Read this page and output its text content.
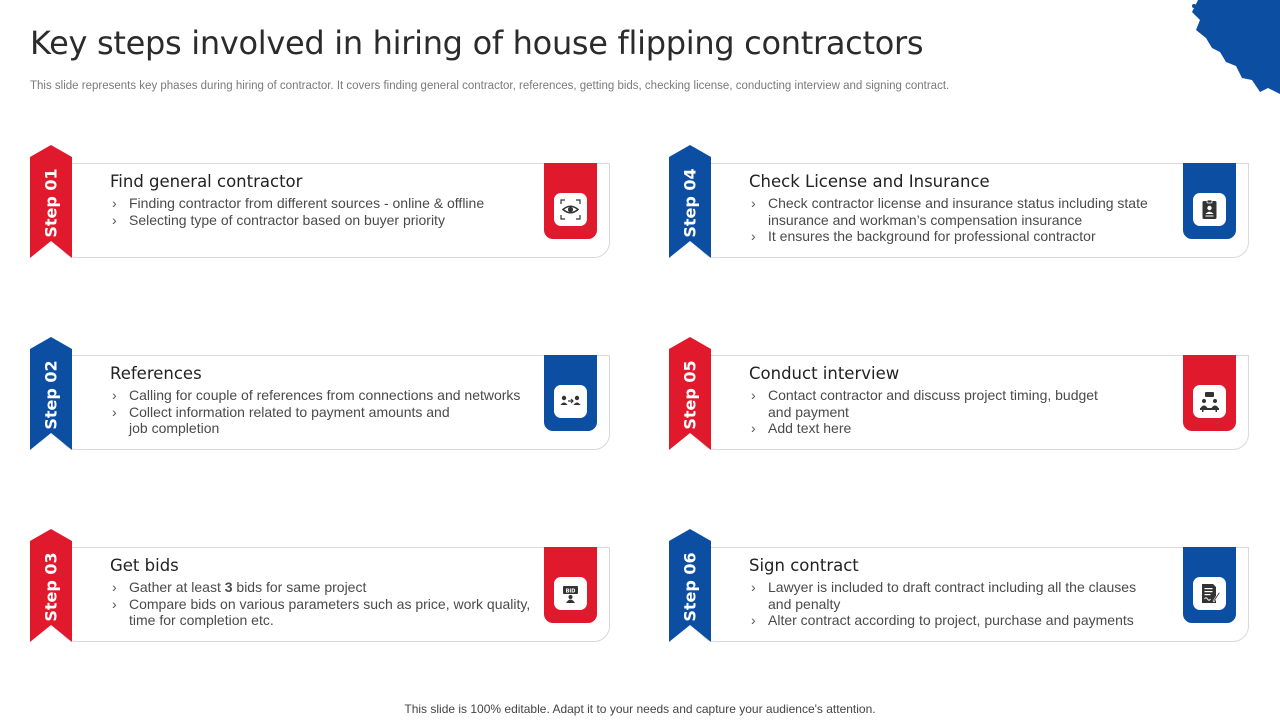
Key steps involved in hiring of house flipping contractors

This slide represents key phases during hiring of contractor. It covers finding general contractor, references, getting bids, checking license, conducting interview and signing contract.

Step 01	Find general contractor
› Finding contractor from different sources - online & offline
› Selecting type of contractor based on buyer priority
Step 02	References
› Calling for couple of references from connections and networks
› Collect information related to payment amounts and job completion
Step 03	Get bids
› Gather at least 3 bids for same project
› Compare bids on various parameters such as price, work quality, time for completion etc.
BID
Step 04	Check License and Insurance
› Check contractor license and insurance status including state insurance and workman’s compensation insurance
› It ensures the background for professional contractor
Step 05	Conduct interview
› Contact contractor and discuss project timing, budget and payment
› Add text here
Step 06	Sign contract
› Lawyer is included to draft contract including all the clauses and penalty
› Alter contract according to project, purchase and payments

This slide is 100% editable. Adapt it to your needs and capture your audience's attention.
